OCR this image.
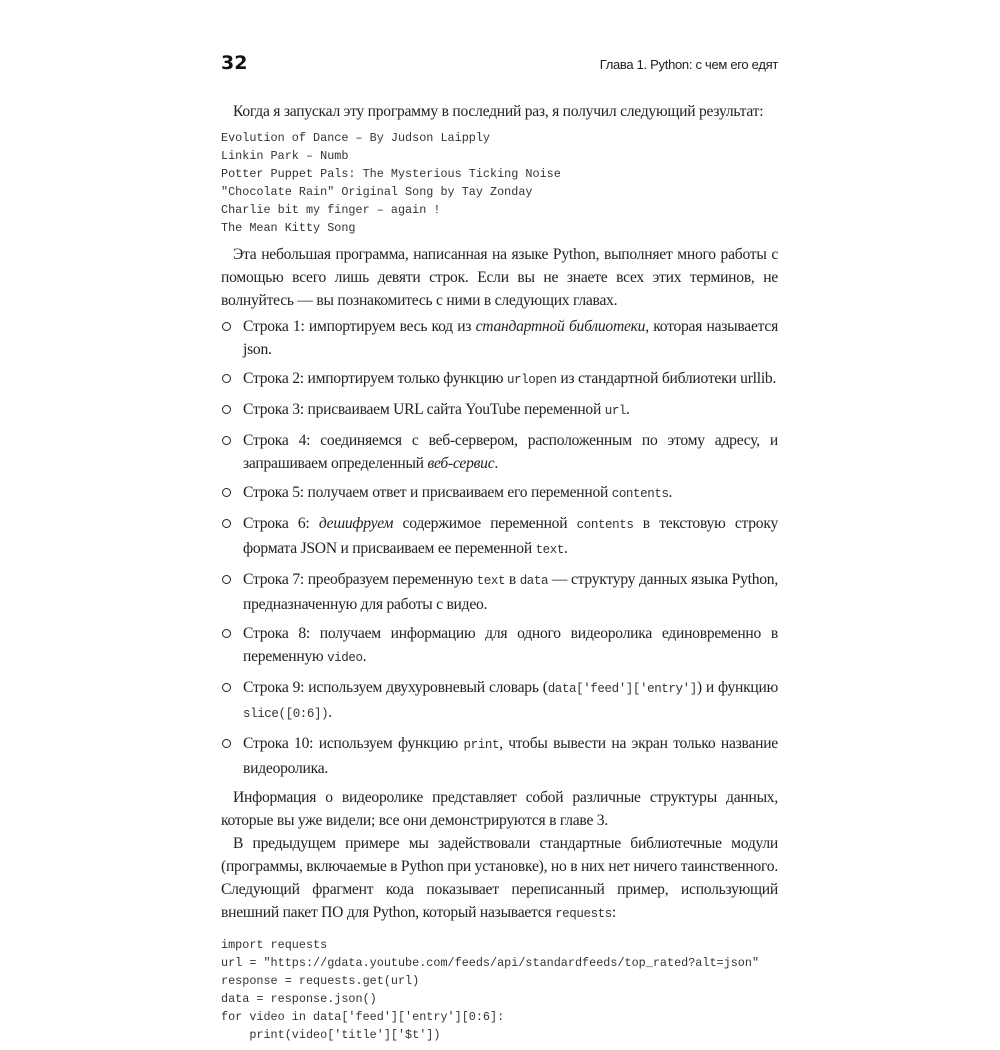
32	Глава 1. Python: с чем его едят

Когда я запускал эту программу в последний раз, я получил следующий результат:

Evolution of Dance – By Judson Laipply
Linkin Park – Numb
Potter Puppet Pals: The Mysterious Ticking Noise
"Chocolate Rain" Original Song by Tay Zonday
Charlie bit my finger – again !
The Mean Kitty Song

Эта небольшая программа, написанная на языке Python, выполняет много работы с помощью всего лишь девяти строк. Если вы не знаете всех этих терминов, не волнуйтесь — вы познакомитесь с ними в следующих главах.

Строка 1: импортируем весь код из стандартной библиотеки, которая называется json.
Строка 2: импортируем только функцию urlopen из стандартной библиотеки urllib.
Строка 3: присваиваем URL сайта YouTube переменной url.
Строка 4: соединяемся с веб-сервером, расположенным по этому адресу, и запрашиваем определенный веб-сервис.
Строка 5: получаем ответ и присваиваем его переменной contents.
Строка 6: дешифруем содержимое переменной contents в текстовую строку формата JSON и присваиваем ее переменной text.
Строка 7: преобразуем переменную text в data — структуру данных языка Python, предназначенную для работы с видео.
Строка 8: получаем информацию для одного видеоролика единовременно в переменную video.
Строка 9: используем двухуровневый словарь (data['feed']['entry']) и функцию slice([0:6]).
Строка 10: используем функцию print, чтобы вывести на экран только название видеоролика.

Информация о видеоролике представляет собой различные структуры данных, которые вы уже видели; все они демонстрируются в главе 3.

В предыдущем примере мы задействовали стандартные библиотечные модули (программы, включаемые в Python при установке), но в них нет ничего таинственного. Следующий фрагмент кода показывает переписанный пример, использующий внешний пакет ПО для Python, который называется requests:

import requests
url = "https://gdata.youtube.com/feeds/api/standardfeeds/top_rated?alt=json"
response = requests.get(url)
data = response.json()
for video in data['feed']['entry'][0:6]:
print(video['title']['$t'])
